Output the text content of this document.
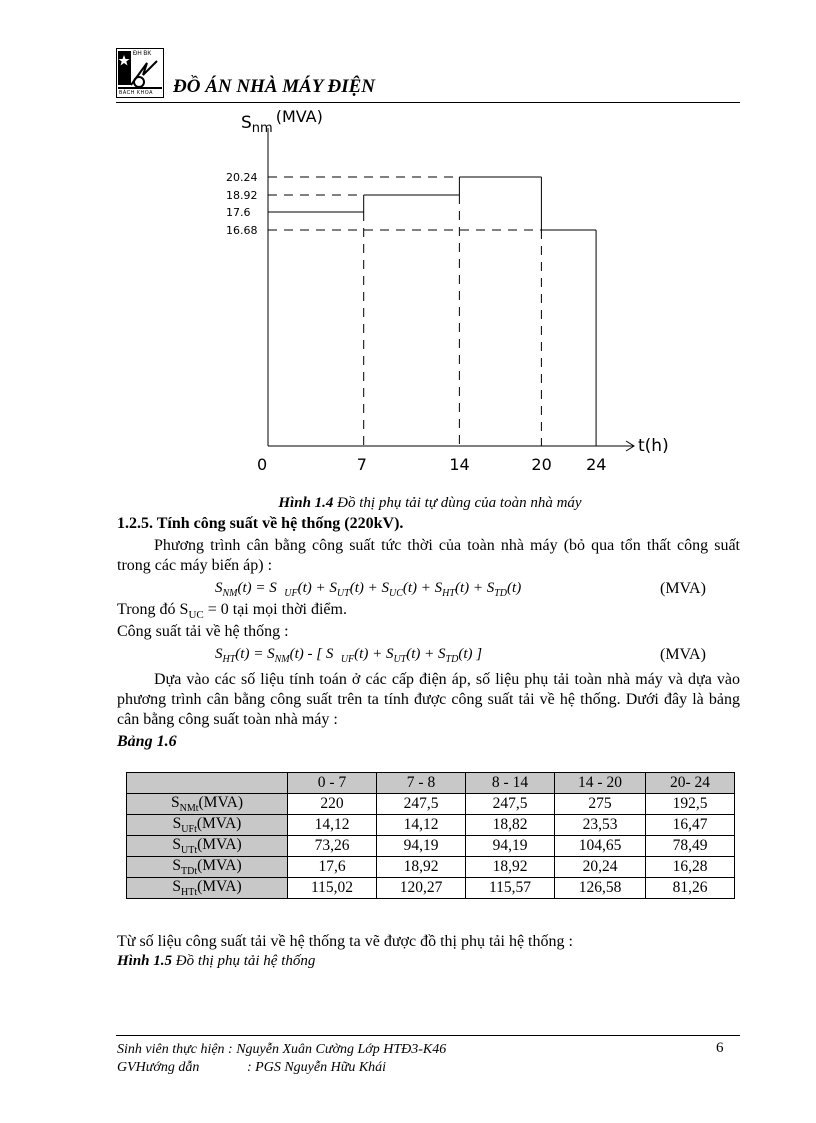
ĐH BK
BÁCH KHOA ĐỒ ÁN NHÀ MÁY ĐIỆN
20.24
18.92
17.6
16.68
0	7	14	20 24
$S_{nm}(MVA)$
t(h)
Hình 1.4 Đồ thị phụ tải tự dùng của toàn nhà máy
1.2.5. Tính công suất về hệ thống (220kV).

Phương trình cân bằng công suất tức thời của toàn nhà máy (bỏ qua tổn thất công suất trong các máy biến áp) :

$S_{NM}(t) = S$  $_{UF}(t) + S_{UT}(t) + S_{UC}(t) + S_{HT}(t) + S_{TD}(t)$	(MVA)
Trong đó $S_{UC} = 0$ tại mọi thời điểm.
Công suất tải về hệ thống :
$S_{HT}(t) = S_{NM}(t)$ - [ S  $_{UF}(t) + S_{UT}(t) + S_{TD}(t)$ ]	(MVA)

Dựa vào các số liệu tính toán ở các cấp điện áp, số liệu phụ tải toàn nhà máy và dựa vào phương trình cân bằng công suất trên ta tính được công suất tải về hệ thống. Dưới đây là bảng cân bằng công suất toàn nhà máy :

Bảng 1.6
	0 - 7	7 - 8	8 - 14	14 - 20	20- 24
$S_{NMt}(MVA)$	220	247,5	247,5	275	192,5
$S_{UFt}(MVA)$	14,12	14,12	18,82	23,53	16,47
$S_{UTt}(MVA)$	73,26	94,19	94,19	104,65	78,49
$S_{TDt}(MVA)$	17,6	18,92	18,92	20,24	16,28
$S_{HTt}(MVA)$	115,02	120,27	115,57	126,58	81,26
Từ số liệu công suất tải về hệ thống ta vẽ được đồ thị phụ tải hệ thống :
Hình 1.5 Đồ thị phụ tải hệ thống
Sinh viên thực hiện : Nguyễn Xuân Cường Lớp HTĐ3-K46
GVHướng dẫn	: PGS Nguyễn Hữu Khái
6
